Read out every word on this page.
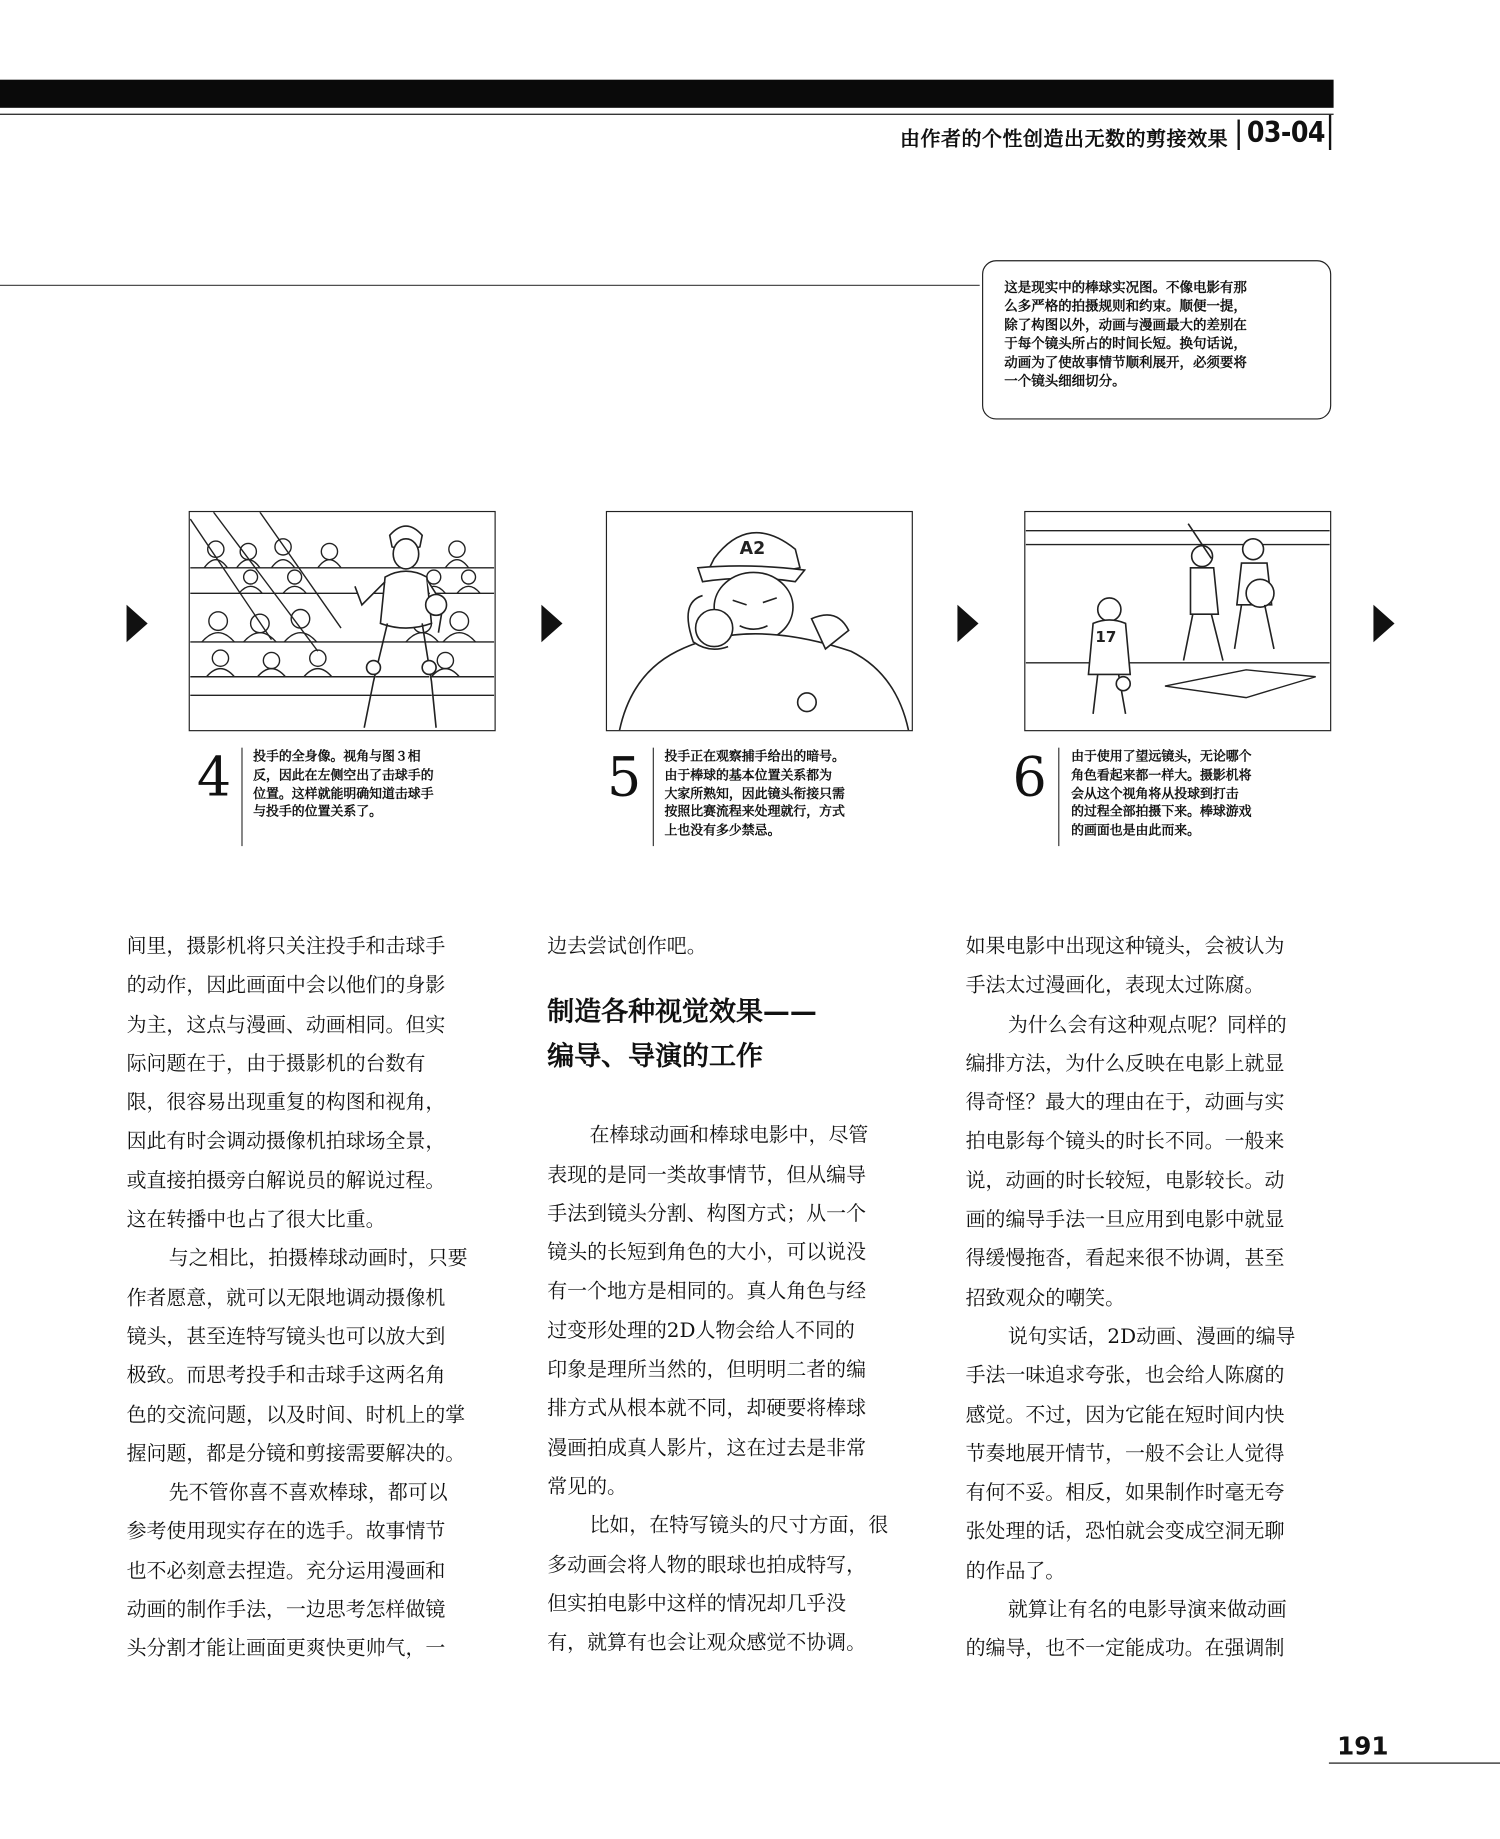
由作者的个性创造出无数的剪接效果 03-04
这是现实中的棒球实况图。不像电影有那
么多严格的拍摄规则和约束。顺便一提，
除了构图以外，动画与漫画最大的差别在
于每个镜头所占的时间长短。换句话说，
动画为了使故事情节顺利展开，必须要将
一个镜头细细切分。
A2
17
4 投手的全身像。视角与图３相
反，因此在左侧空出了击球手的
位置。这样就能明确知道击球手
与投手的位置关系了。
5 投手正在观察捕手给出的暗号。
由于棒球的基本位置关系都为
大家所熟知，因此镜头衔接只需
按照比赛流程来处理就行，方式
上也没有多少禁忌。
6 由于使用了望远镜头，无论哪个
角色看起来都一样大。摄影机将
会从这个视角将从投球到打击
的过程全部拍摄下来。棒球游戏
的画面也是由此而来。
间里，摄影机将只关注投手和击球手
的动作，因此画面中会以他们的身影
为主，这点与漫画、动画相同。但实
际问题在于，由于摄影机的台数有
限，很容易出现重复的构图和视角，
因此有时会调动摄像机拍球场全景，
或直接拍摄旁白解说员的解说过程。
这在转播中也占了很大比重。
与之相比，拍摄棒球动画时，只要
作者愿意，就可以无限地调动摄像机
镜头，甚至连特写镜头也可以放大到
极致。而思考投手和击球手这两名角
色的交流问题，以及时间、时机上的掌
握问题，都是分镜和剪接需要解决的。
先不管你喜不喜欢棒球，都可以
参考使用现实存在的选手。故事情节
也不必刻意去捏造。充分运用漫画和
动画的制作手法，一边思考怎样做镜
头分割才能让画面更爽快更帅气，一
边去尝试创作吧。
制造各种视觉效果——
编导、导演的工作
在棒球动画和棒球电影中，尽管
表现的是同一类故事情节，但从编导
手法到镜头分割、构图方式；从一个
镜头的长短到角色的大小，可以说没
有一个地方是相同的。真人角色与经
过变形处理的2D人物会给人不同的
印象是理所当然的，但明明二者的编
排方式从根本就不同，却硬要将棒球
漫画拍成真人影片，这在过去是非常
常见的。
比如，在特写镜头的尺寸方面，很
多动画会将人物的眼球也拍成特写，
但实拍电影中这样的情况却几乎没
有，就算有也会让观众感觉不协调。
如果电影中出现这种镜头，会被认为
手法太过漫画化，表现太过陈腐。
为什么会有这种观点呢？同样的
编排方法，为什么反映在电影上就显
得奇怪？最大的理由在于，动画与实
拍电影每个镜头的时长不同。一般来
说，动画的时长较短，电影较长。动
画的编导手法一旦应用到电影中就显
得缓慢拖沓，看起来很不协调，甚至
招致观众的嘲笑。
说句实话，2D动画、漫画的编导
手法一味追求夸张，也会给人陈腐的
感觉。不过，因为它能在短时间内快
节奏地展开情节，一般不会让人觉得
有何不妥。相反，如果制作时毫无夸
张处理的话，恐怕就会变成空洞无聊
的作品了。
就算让有名的电影导演来做动画
的编导，也不一定能成功。在强调制
191
